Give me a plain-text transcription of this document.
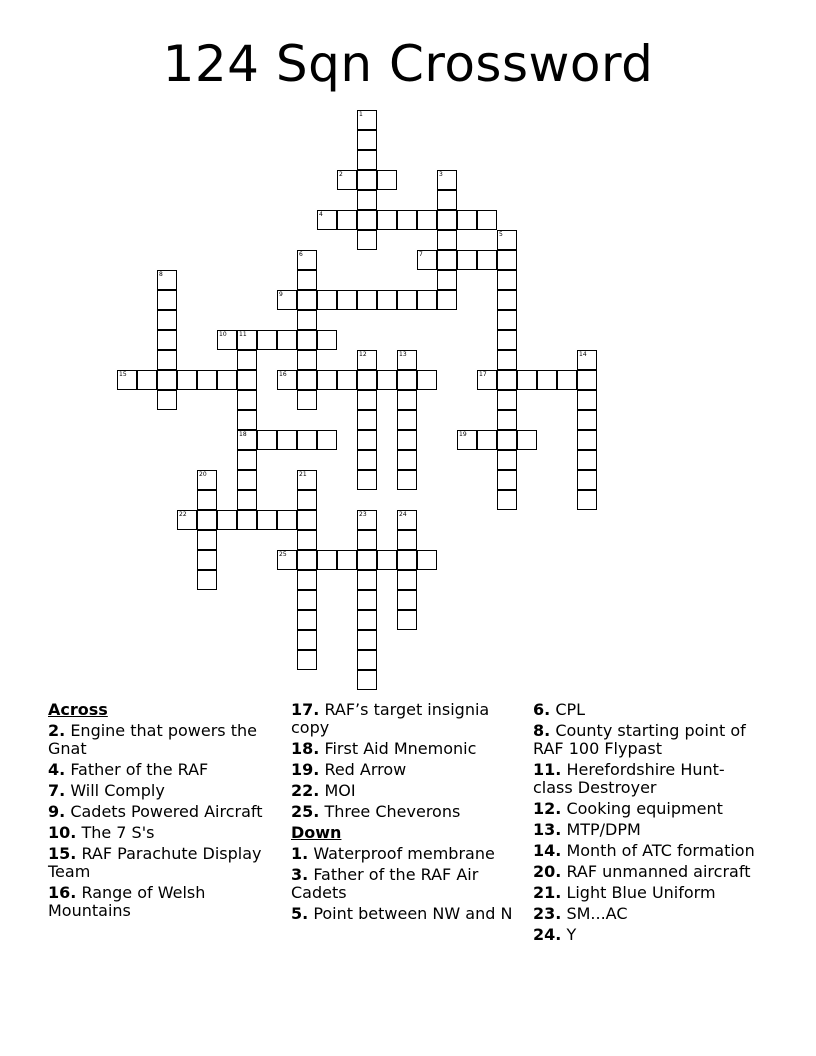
124 Sqn Crossword
1
2	3
4
5
6	7
9
8
10 11
15
18
16
12	13
17
14
19
20	21
22	23	24
25
Across
2. Engine that powers the Gnat
4. Father of the RAF
7. Will Comply
9. Cadets Powered Aircraft
10. The 7 S's
15. RAF Parachute Display Team
16. Range of Welsh Mountains
17. RAF’s target insignia copy
18. First Aid Mnemonic
19. Red Arrow
22. MOI
25. Three Cheverons
Down
1. Waterproof membrane
3. Father of the RAF Air Cadets
5. Point between NW and N
6. CPL
8. County starting point of RAF 100 Flypast
11. Herefordshire Hunt-class Destroyer
12. Cooking equipment
13. MTP/DPM
14. Month of ATC formation
20. RAF unmanned aircraft
21. Light Blue Uniform
23. SM...AC
24. Y
